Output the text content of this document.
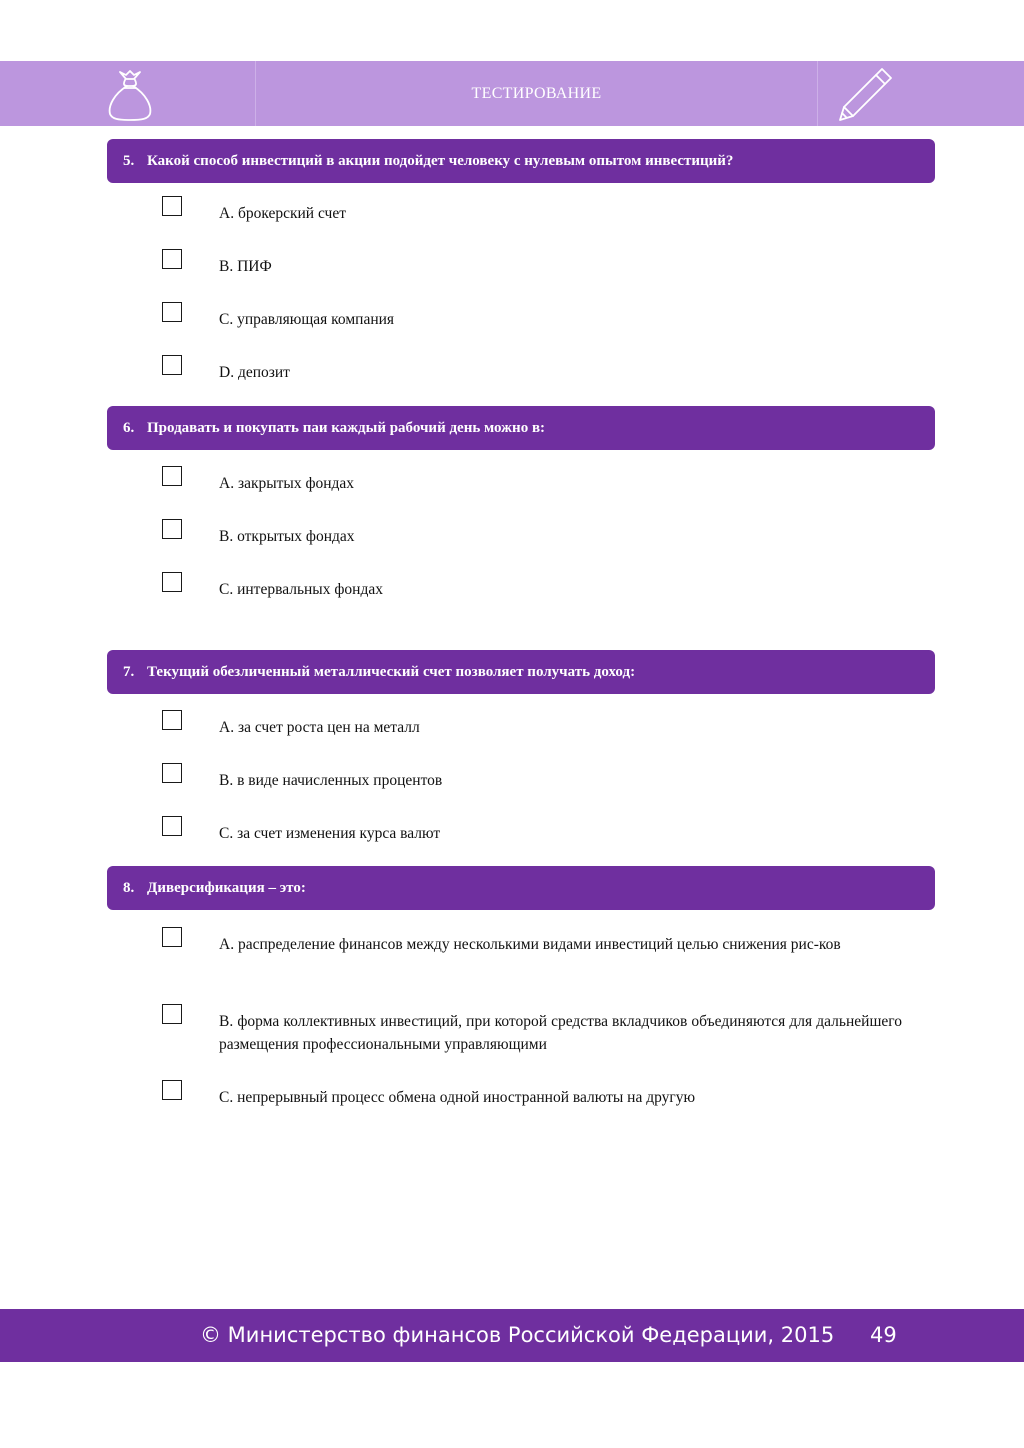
ТЕСТИРОВАНИЕ
5. Какой способ инвестиций в акции подойдет человеку с нулевым опытом инвестиций?
A. брокерский счет
B. ПИФ
C. управляющая компания
D. депозит
6. Продавать и покупать паи каждый рабочий день можно в:
A. закрытых фондах
B. открытых фондах
C. интервальных фондах
7. Текущий обезличенный металлический счет позволяет получать доход:
A. за счет роста цен на металл
B. в виде начисленных процентов
C. за счет изменения курса валют
8. Диверсификация – это:
A. распределение финансов между несколькими видами инвестиций целью снижения рис-ков
B. форма коллективных инвестиций, при которой средства вкладчиков объединяются для дальнейшего размещения профессиональными управляющими
C. непрерывный процесс обмена одной иностранной валюты на другую
© Министерство финансов Российской Федерации, 2015 49
